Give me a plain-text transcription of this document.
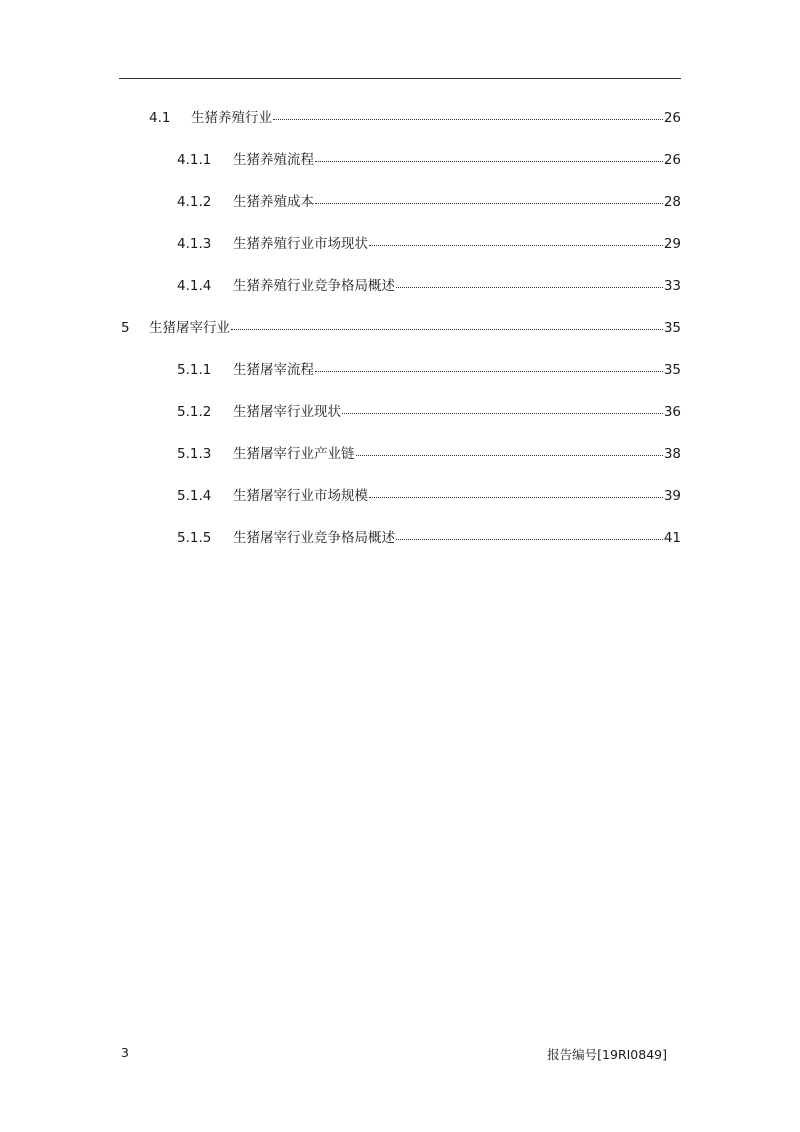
4.1 生猪养殖行业	26
4.1.1 生猪养殖流程	26
4.1.2 生猪养殖成本	28
4.1.3 生猪养殖行业市场现状	29
4.1.4 生猪养殖行业竞争格局概述	33
5 生猪屠宰行业	35
5.1.1 生猪屠宰流程	35
5.1.2 生猪屠宰行业现状	36
5.1.3 生猪屠宰行业产业链	38
5.1.4 生猪屠宰行业市场规模	39
5.1.5 生猪屠宰行业竞争格局概述	41
3	报告编号[19RI0849]
